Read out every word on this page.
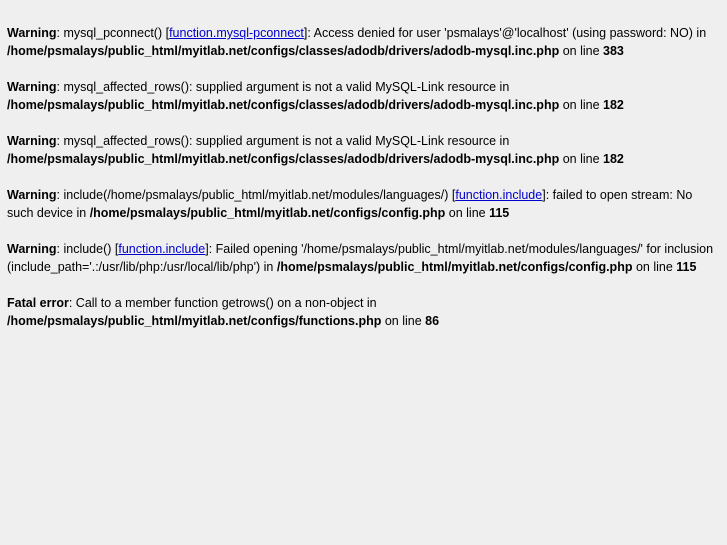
Warning: mysql_pconnect() [function.mysql-pconnect]: Access denied for user 'psmalays'@'localhost' (using password: NO) in /home/psmalays/public_html/myitlab.net/configs/classes/adodb/drivers/adodb-mysql.inc.php on line 383
Warning: mysql_affected_rows(): supplied argument is not a valid MySQL-Link resource in /home/psmalays/public_html/myitlab.net/configs/classes/adodb/drivers/adodb-mysql.inc.php on line 182
Warning: mysql_affected_rows(): supplied argument is not a valid MySQL-Link resource in /home/psmalays/public_html/myitlab.net/configs/classes/adodb/drivers/adodb-mysql.inc.php on line 182
Warning: include(/home/psmalays/public_html/myitlab.net/modules/languages/) [function.include]: failed to open stream: No such device in /home/psmalays/public_html/myitlab.net/configs/config.php on line 115
Warning: include() [function.include]: Failed opening '/home/psmalays/public_html/myitlab.net/modules/languages/' for inclusion (include_path='.:/usr/lib/php:/usr/local/lib/php') in /home/psmalays/public_html/myitlab.net/configs/config.php on line 115
Fatal error: Call to a member function getrows() on a non-object in /home/psmalays/public_html/myitlab.net/configs/functions.php on line 86
